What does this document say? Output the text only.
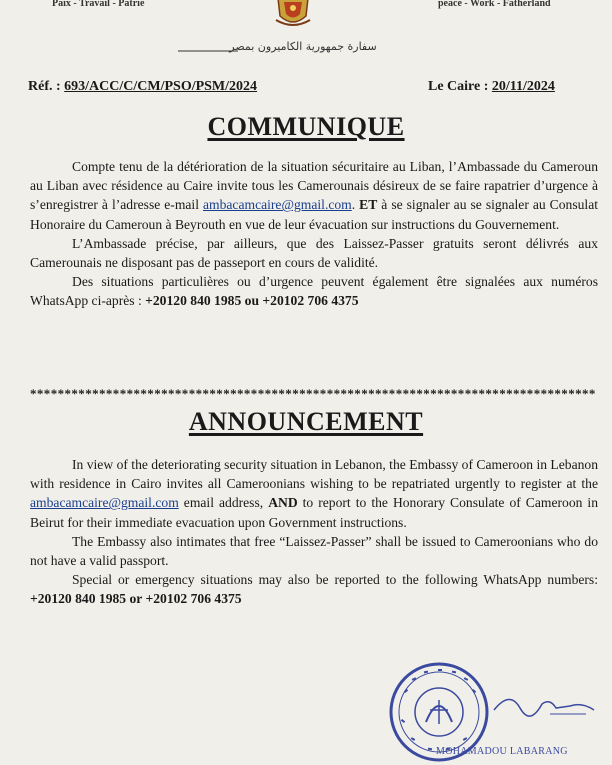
Paix - Travail - Patrie	peace - Work - Fatherland
سفارة جمهورية الكاميرون بمصر
Réf. : 693/ACC/C/CM/PSO/PSM/2024	Le Caire : 20/11/2024
COMMUNIQUE

Compte tenu de la détérioration de la situation sécuritaire au Liban, l’Ambassade du Cameroun au Liban avec résidence au Caire invite tous les Camerounais désireux de se faire rapatrier d’urgence à s’enregistrer à l’adresse e-mail ambacamcaire@gmail.com. ET à se signaler au se signaler au Consulat Honoraire du Cameroun à Beyrouth en vue de leur évacuation sur instructions du Gouvernement.

L’Ambassade précise, par ailleurs, que des Laissez-Passer gratuits seront délivrés aux Camerounais ne disposant pas de passeport en cours de validité.

Des situations particulières ou d’urgence peuvent également être signalées aux numéros WhatsApp ci-après : +20120 840 1985 ou +20102 706 4375

**********************************************************************************
ANNOUNCEMENT

In view of the deteriorating security situation in Lebanon, the Embassy of Cameroon in Lebanon with residence in Cairo invites all Cameroonians wishing to be repatriated urgently to register at the ambacamcaire@gmail.com email address, AND to report to the Honorary Consulate of Cameroon in Beirut for their immediate evacuation upon Government instructions.

The Embassy also intimates that free “Laissez-Passer” shall be issued to Cameroonians who do not have a valid passport.

Special or emergency situations may also be reported to the following WhatsApp numbers: +20120 840 1985 or +20102 706 4375

MOHAMADOU LABARANG
